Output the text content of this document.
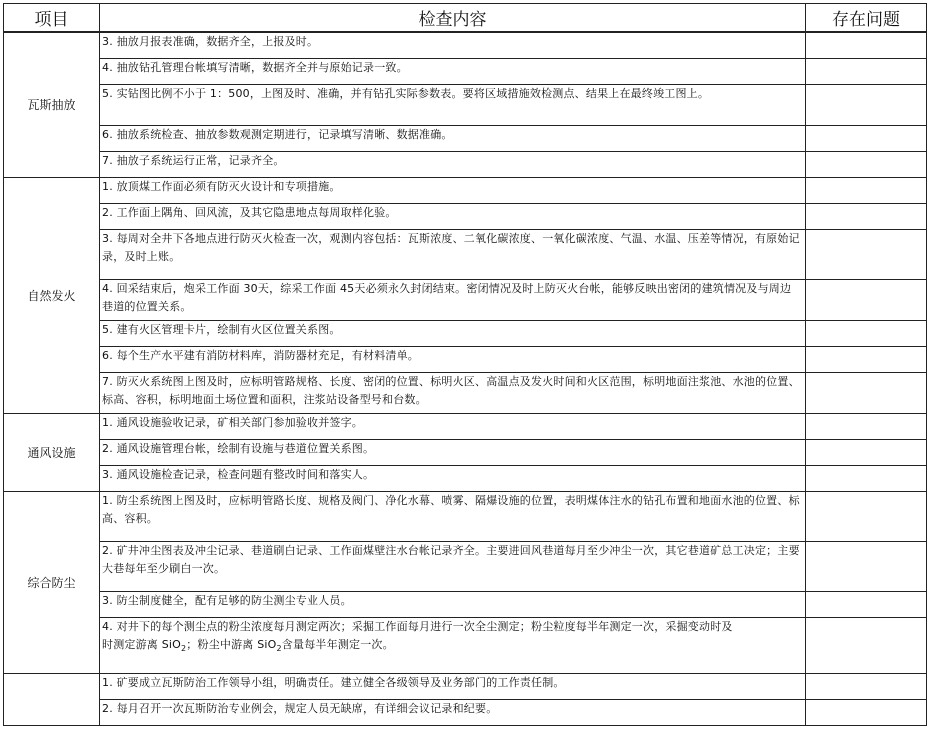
项目	检查内容	存在问题
瓦斯抽放	3. 抽放月报表准确，数据齐全，上报及时。	
	4. 抽放钻孔管理台帐填写清晰，数据齐全并与原始记录一致。	
	5. 实钻图比例不小于 1：500，上图及时、准确，并有钻孔实际参数表。要将区域措施效检测点、结果上在最终竣工图上。	
	6. 抽放系统检查、抽放参数观测定期进行，记录填写清晰、数据准确。	
	7. 抽放子系统运行正常，记录齐全。	
自然发火	1. 放顶煤工作面必须有防灭火设计和专项措施。	
	2. 工作面上隅角、回风流，及其它隐患地点每周取样化验。	
	3. 每周对全井下各地点进行防灭火检查一次，观测内容包括：瓦斯浓度、二氧化碳浓度、一氧化碳浓度、气温、水温、压差等情况，有原始记录，及时上账。	
	4. 回采结束后，炮采工作面 30天，综采工作面 45天必须永久封闭结束。密闭情况及时上防灭火台帐，能够反映出密闭的建筑情况及与周边巷道的位置关系。	
	5. 建有火区管理卡片，绘制有火区位置关系图。	
	6. 每个生产水平建有消防材料库，消防器材充足，有材料清单。	
	7. 防灭火系统图上图及时，应标明管路规格、长度、密闭的位置、标明火区、高温点及发火时间和火区范围，标明地面注浆池、水池的位置、标高、容积，标明地面土场位置和面积，注浆站设备型号和台数。	
通风设施	1. 通风设施验收记录，矿相关部门参加验收并签字。	
	2. 通风设施管理台帐，绘制有设施与巷道位置关系图。	
	3. 通风设施检查记录，检查问题有整改时间和落实人。	
综合防尘	1. 防尘系统图上图及时，应标明管路长度、规格及阀门、净化水幕、喷雾、隔爆设施的位置，表明煤体注水的钻孔布置和地面水池的位置、标高、容积。	
	2. 矿井冲尘图表及冲尘记录、巷道刷白记录、工作面煤壁注水台帐记录齐全。主要进回风巷道每月至少冲尘一次，其它巷道矿总工决定；主要大巷每年至少刷白一次。	
	3. 防尘制度健全，配有足够的防尘测尘专业人员。	

	4. 对井下的每个测尘点的粉尘浓度每月测定两次；采掘工作面每月进行一次全尘测定；粉尘粒度每半年测定一次，采掘变动时及
时测定游离 SiO$_2$；粉尘中游离 SiO$_2$含量每半年测定一次。	

	1. 矿要成立瓦斯防治工作领导小组，明确责任。建立健全各级领导及业务部门的工作责任制。	
	2. 每月召开一次瓦斯防治专业例会，规定人员无缺席，有详细会议记录和纪要。	
